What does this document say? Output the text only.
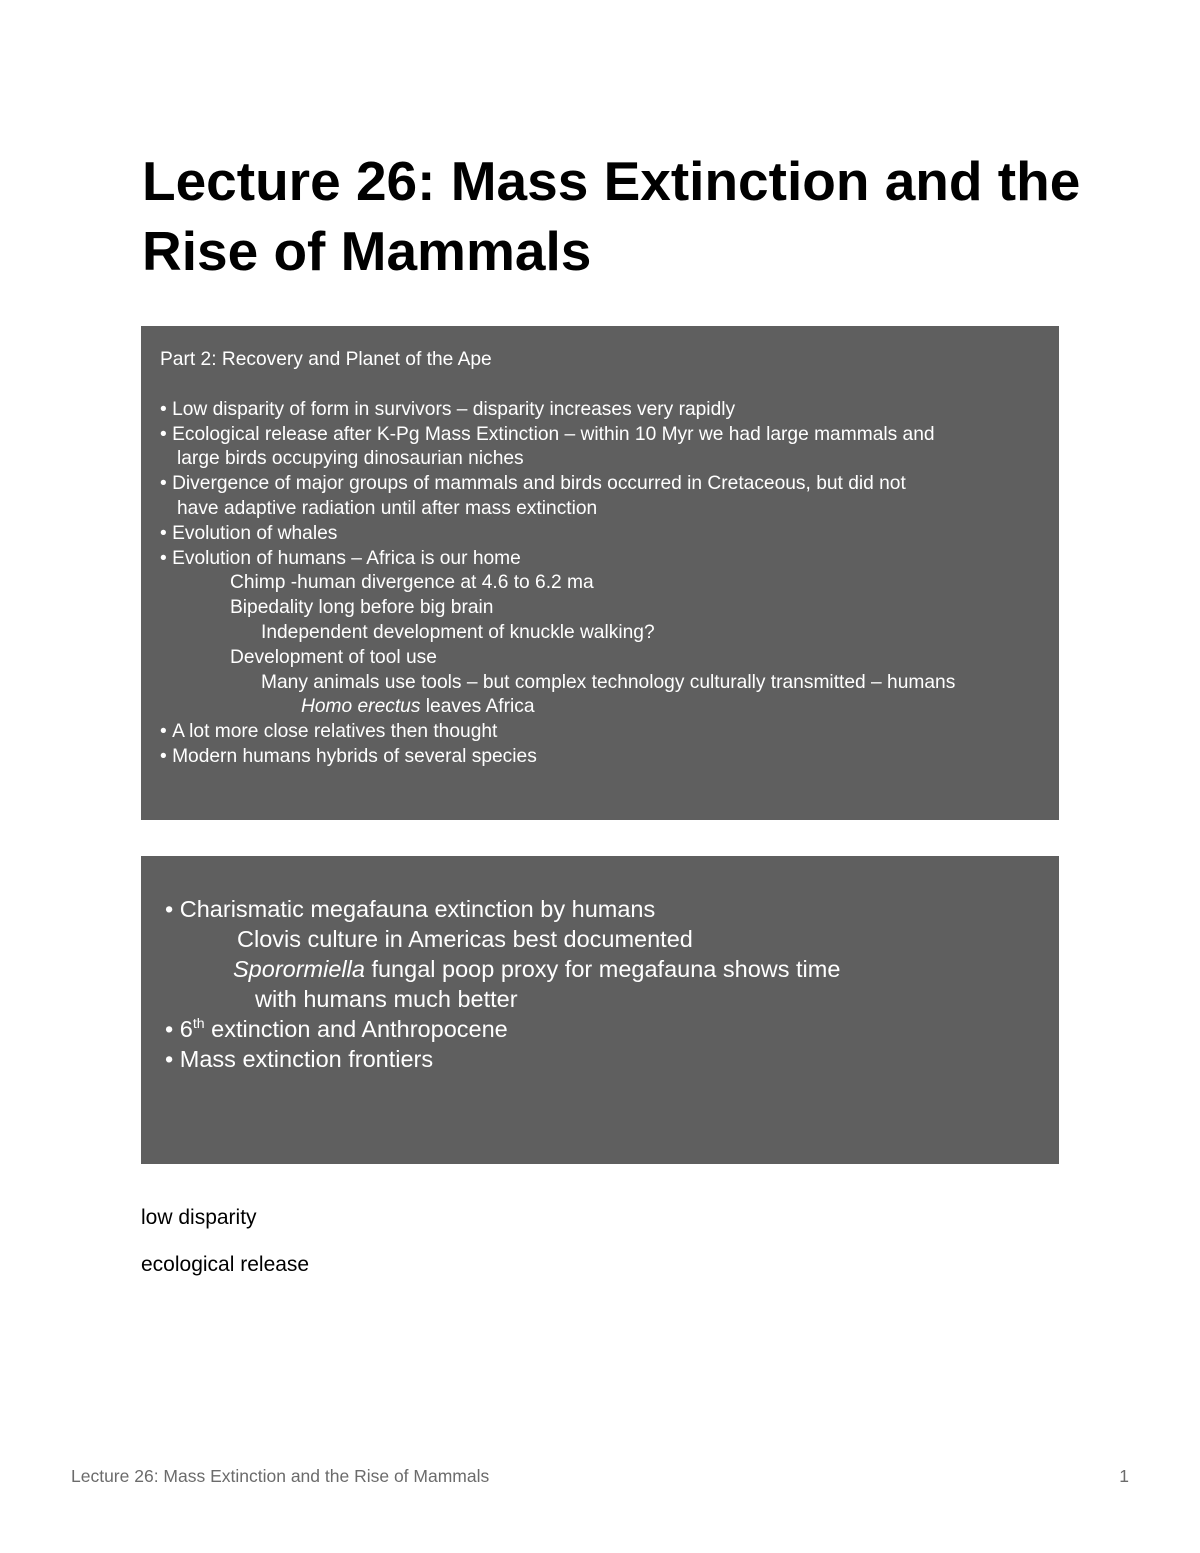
Lecture 26: Mass Extinction and the Rise of Mammals
Part 2: Recovery and Planet of the Ape
• Low disparity of form in survivors – disparity increases very rapidly
• Ecological release after K-Pg Mass Extinction – within 10 Myr we had large mammals and
large birds occupying dinosaurian niches
• Divergence of major groups of mammals and birds occurred in Cretaceous, but did not
have adaptive radiation until after mass extinction
• Evolution of whales
• Evolution of humans – Africa is our home
Chimp -human divergence at 4.6 to 6.2 ma
Bipedality long before big brain
Independent development of knuckle walking?
Development of tool use
Many animals use tools – but complex technology culturally transmitted – humans
Homo erectus leaves Africa
• A lot more close relatives then thought
• Modern humans hybrids of several species
• Charismatic megafauna extinction by humans
Clovis culture in Americas best documented
Sporormiella fungal poop proxy for megafauna shows time
with humans much better
• 6th extinction and Anthropocene
• Mass extinction frontiers

low disparity

ecological release

Lecture 26: Mass Extinction and the Rise of Mammals	1
